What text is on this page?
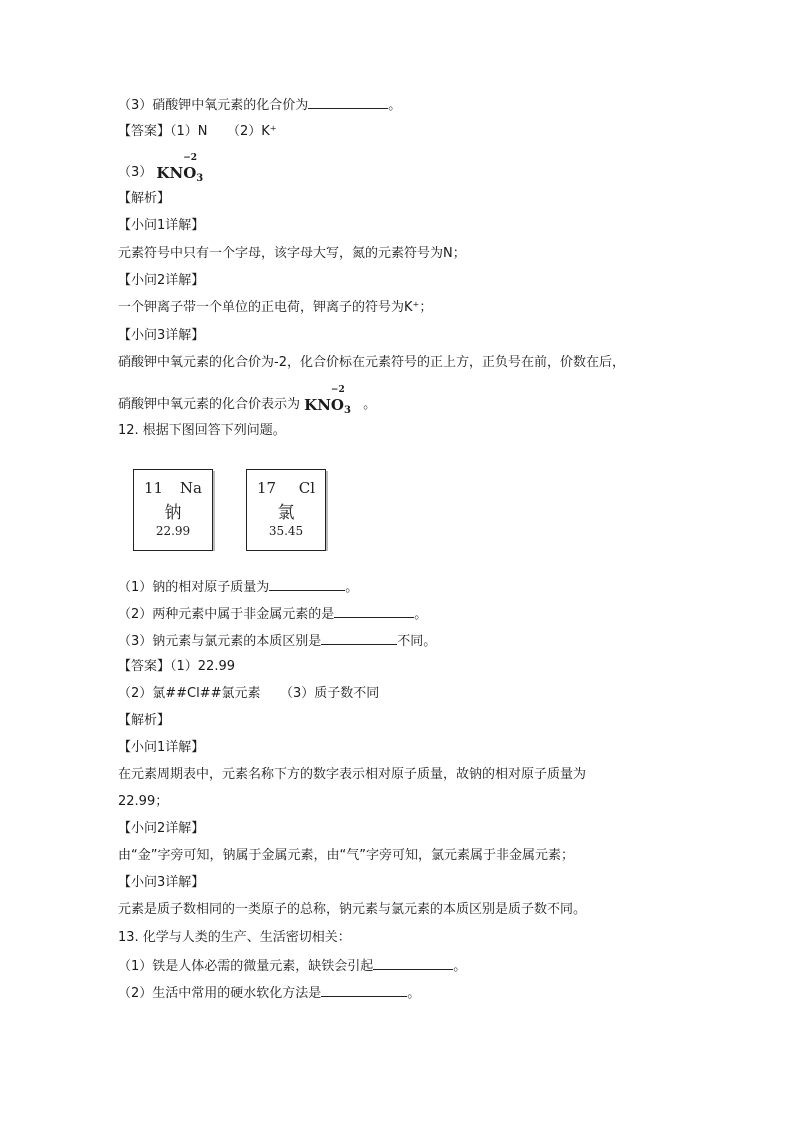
（3）硝酸钾中氧元素的化合价为	。
【答案】（1）N　　（2）K⁺
（3） KN
−2
$O_3$
【解析】
【小问1详解】
元素符号中只有一个字母，该字母大写，氮的元素符号为N；
【小问2详解】
一个钾离子带一个单位的正电荷，钾离子的符号为K⁺；
【小问3详解】
硝酸钾中氧元素的化合价为-2，化合价标在元素符号的正上方，正负号在前，价数在后，
硝酸钾中氧元素的化合价表示为 KN
−2
$O_3$ 。
12. 根据下图回答下列问题。
11 Na
钠
22.99
17 Cl
氯
35.45
（1）钠的相对原子质量为	。
（2）两种元素中属于非金属元素的是	。
（3）钠元素与氯元素的本质区别是	不同。
【答案】（1）22.99
（2）氯##Cl##氯元素　　（3）质子数不同
【解析】
【小问1详解】
在元素周期表中，元素名称下方的数字表示相对原子质量，故钠的相对原子质量为
22.99；
【小问2详解】
由“金”字旁可知，钠属于金属元素，由“气”字旁可知，氯元素属于非金属元素；
【小问3详解】
元素是质子数相同的一类原子的总称，钠元素与氯元素的本质区别是质子数不同。
13. 化学与人类的生产、生活密切相关：
（1）铁是人体必需的微量元素，缺铁会引起	。
（2）生活中常用的硬水软化方法是	。
